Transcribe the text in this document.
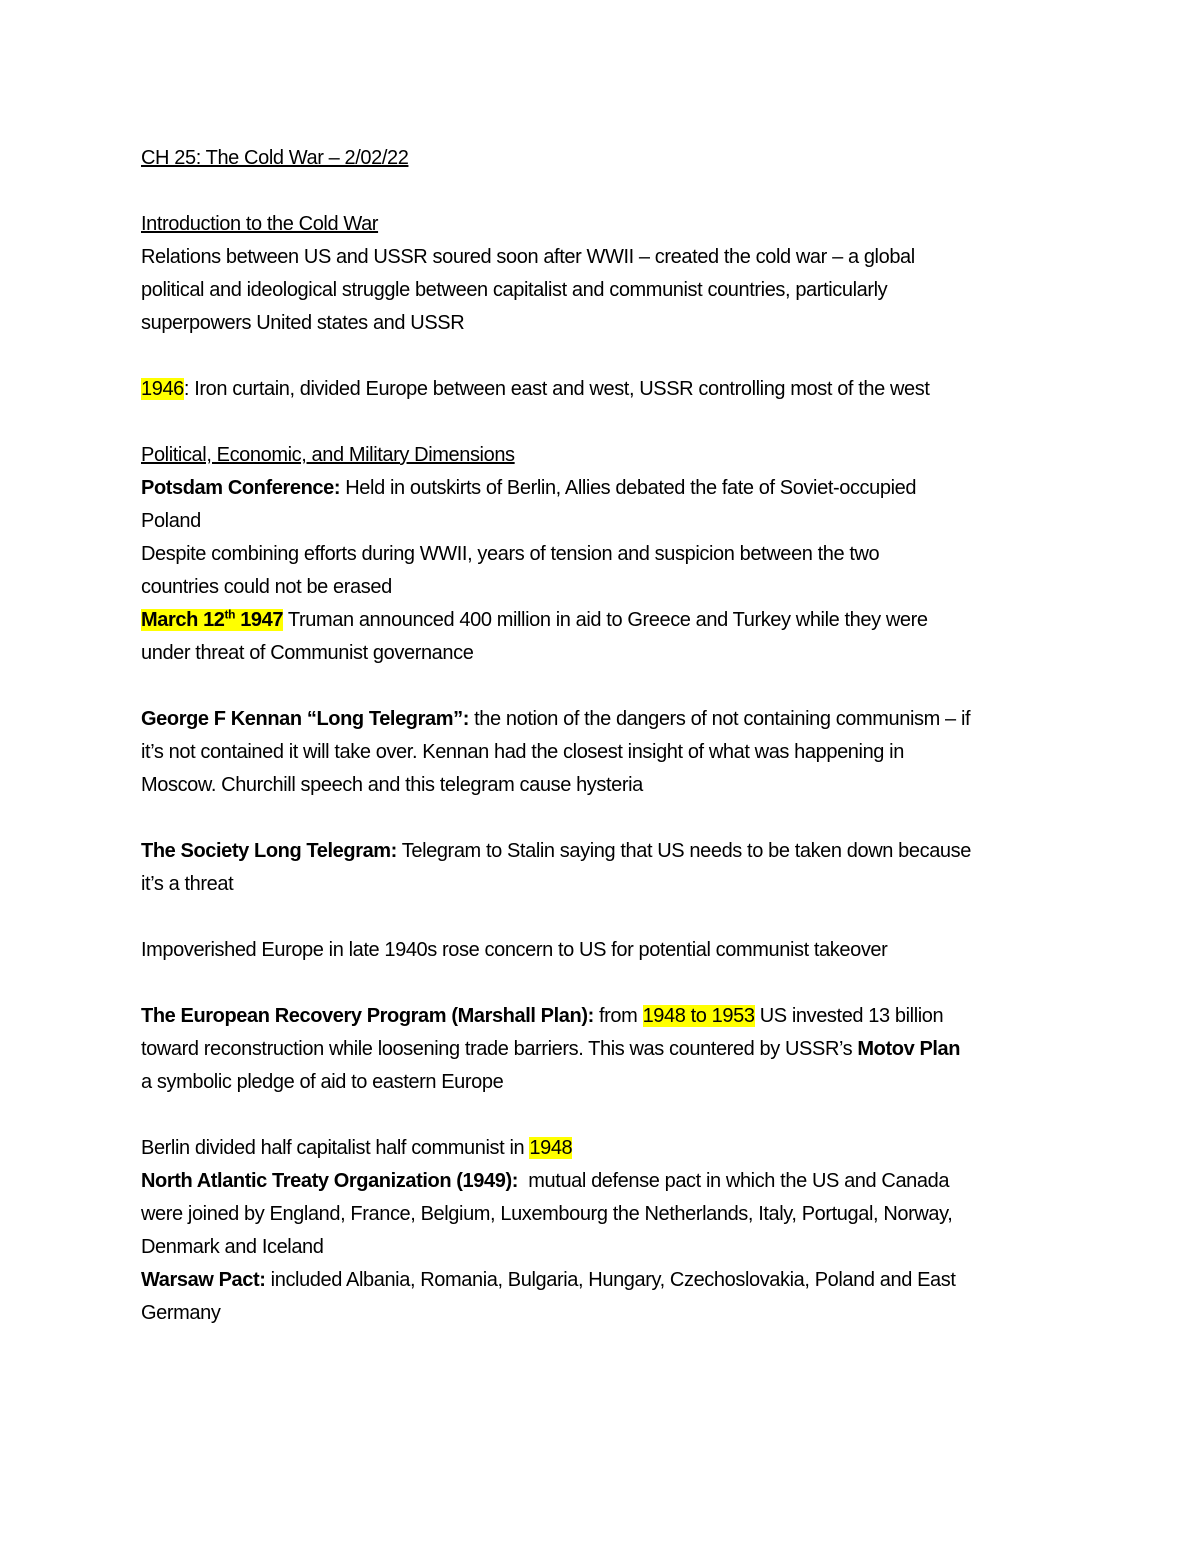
CH 25: The Cold War – 2/02/22
Introduction to the Cold War
Relations between US and USSR soured soon after WWII – created the cold war – a global
political and ideological struggle between capitalist and communist countries, particularly
superpowers United states and USSR
1946: Iron curtain, divided Europe between east and west, USSR controlling most of the west
Political, Economic, and Military Dimensions
Potsdam Conference: Held in outskirts of Berlin, Allies debated the fate of Soviet-occupied
Poland
Despite combining efforts during WWII, years of tension and suspicion between the two
countries could not be erased
March 12th 1947 Truman announced 400 million in aid to Greece and Turkey while they were
under threat of Communist governance
George F Kennan “Long Telegram”: the notion of the dangers of not containing communism – if
it’s not contained it will take over. Kennan had the closest insight of what was happening in
Moscow. Churchill speech and this telegram cause hysteria
The Society Long Telegram: Telegram to Stalin saying that US needs to be taken down because
it’s a threat
Impoverished Europe in late 1940s rose concern to US for potential communist takeover
The European Recovery Program (Marshall Plan): from 1948 to 1953 US invested 13 billion
toward reconstruction while loosening trade barriers. This was countered by USSR’s Motov Plan
a symbolic pledge of aid to eastern Europe
Berlin divided half capitalist half communist in 1948
North Atlantic Treaty Organization (1949):  mutual defense pact in which the US and Canada
were joined by England, France, Belgium, Luxembourg the Netherlands, Italy, Portugal, Norway,
Denmark and Iceland
Warsaw Pact: included Albania, Romania, Bulgaria, Hungary, Czechoslovakia, Poland and East
Germany
